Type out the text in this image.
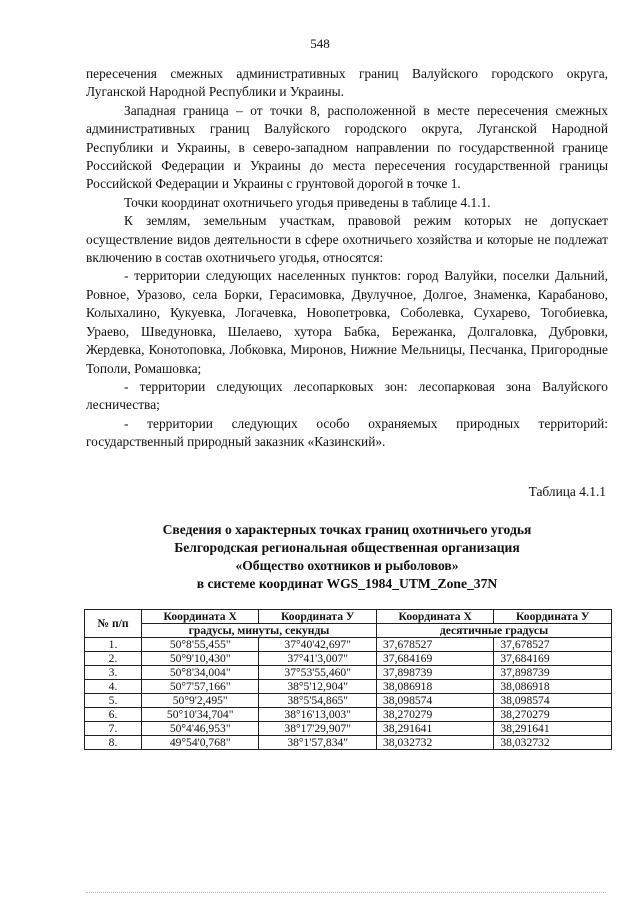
548

пересечения смежных административных границ Валуйского городского округа, Луганской Народной Республики и Украины.

Западная граница – от точки 8, расположенной в месте пересечения смежных административных границ Валуйского городского округа, Луганской Народной Республики и Украины, в северо-западном направлении по государственной границе Российской Федерации и Украины до места пересечения государственной границы Российской Федерации и Украины с грунтовой дорогой в точке 1.

Точки координат охотничьего угодья приведены в таблице 4.1.1.

К землям, земельным участкам, правовой режим которых не допускает осуществление видов деятельности в сфере охотничьего хозяйства и которые не подлежат включению в состав охотничьего угодья, относятся:

- территории следующих населенных пунктов: город Валуйки, поселки Дальний, Ровное, Уразово, села Борки, Герасимовка, Двулучное, Долгое, Знаменка, Карабаново, Колыхалино, Кукуевка, Логачевка, Новопетровка, Соболевка, Сухарево, Тогобиевка, Ураево, Шведуновка, Шелаево, хутора Бабка, Бережанка, Долгаловка, Дубровки, Жердевка, Конотоповка, Лобковка, Миронов, Нижние Мельницы, Песчанка, Пригородные Тополи, Ромашовка;

- территории следующих лесопарковых зон: лесопарковая зона Валуйского лесничества;

- территории следующих особо охраняемых природных территорий: государственный природный заказник «Казинский».

Таблица 4.1.1
Сведения о характерных точках границ охотничьего угодья
Белгородская региональная общественная организация
«Общество охотников и рыболовов»
в системе координат WGS_1984_UTM_Zone_37N
№ п/п	Координата X	Координата У	Координата X	Координата У
	градусы, минуты, секунды		десятичные градусы	
1.	50°8'55,455"	37°40'42,697"	37,678527	37,678527
2.	50°9'10,430"	37°41'3,007"	37,684169	37,684169
3.	50°8'34,004"	37°53'55,460"	37,898739	37,898739
4.	50°7'57,166"	38°5'12,904"	38,086918	38,086918
5.	50°9'2,495"	38°5'54,865"	38,098574	38,098574
6.	50°10'34,704"	38°16'13,003"	38,270279	38,270279
7.	50°4'46,953"	38°17'29,907"	38,291641	38,291641
8.	49°54'0,768"	38°1'57,834"	38,032732	38,032732
